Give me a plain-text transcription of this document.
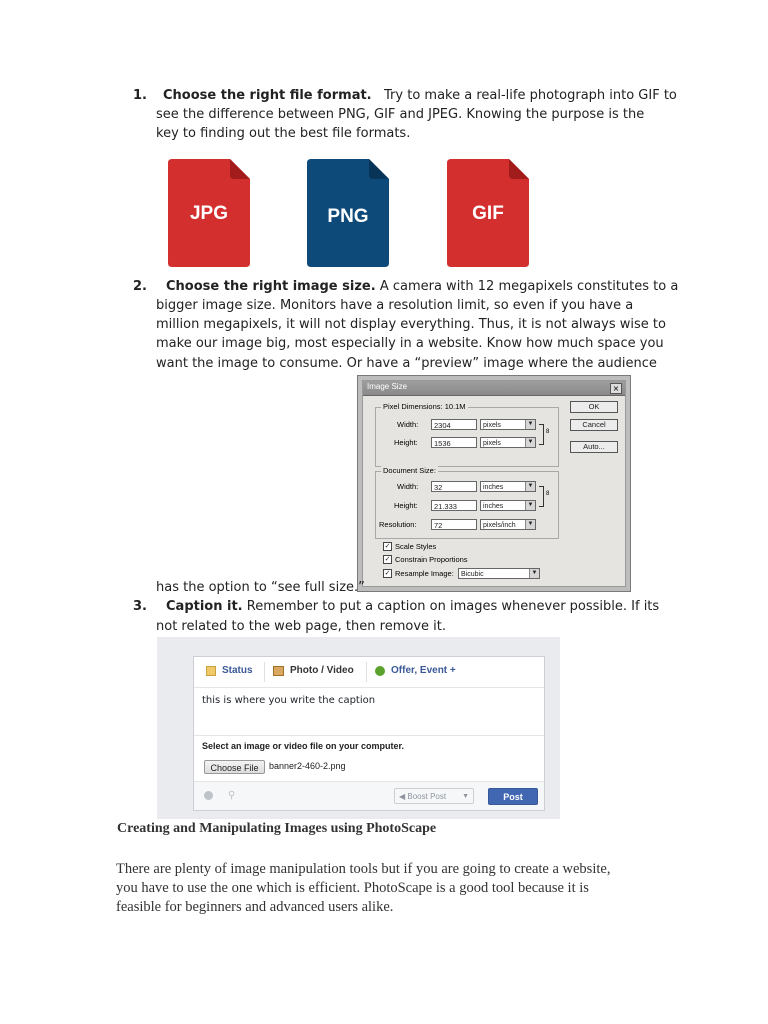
1. Choose the right file format. Try to make a real-life photograph into GIF to
see the difference between PNG, GIF and JPEG. Knowing the purpose is the
key to finding out the best file formats.
JPG	PNG	GIF
2. Choose the right image size. A camera with 12 megapixels constitutes to a
bigger image size. Monitors have a resolution limit, so even if you have a
million megapixels, it will not display everything. Thus, it is not always wise to
make our image big, most especially in a website. Know how much space you
want the image to consume. Or have a “preview” image where the audience
Image Size	×
Pixel Dimensions: 10.1M
Width:	2304	pixels	▼
Height:	1536	pixels	▼
8
Document Size:
Width:	32	inches	▼
Height:	21.333	inches	▼
8
Resolution:	72	pixels/inch	▼
✓ Scale Styles
✓ Constrain Proportions
✓ Resample Image:	Bicubic	▼
OK
Cancel
Auto...
has the option to “see full size.”
3. Caption it. Remember to put a caption on images whenever possible. If its
not related to the web page, then remove it.
Status	Photo / Video	Offer, Event +
this is where you write the caption
Select an image or video file on your computer.
Choose File	banner2-460-2.png
⚲	◀ Boost Post ▼	Post
Creating and Manipulating Images using PhotoScape
There are plenty of image manipulation tools but if you are going to create a website,
you have to use the one which is efficient. PhotoScape is a good tool because it is
feasible for beginners and advanced users alike.
